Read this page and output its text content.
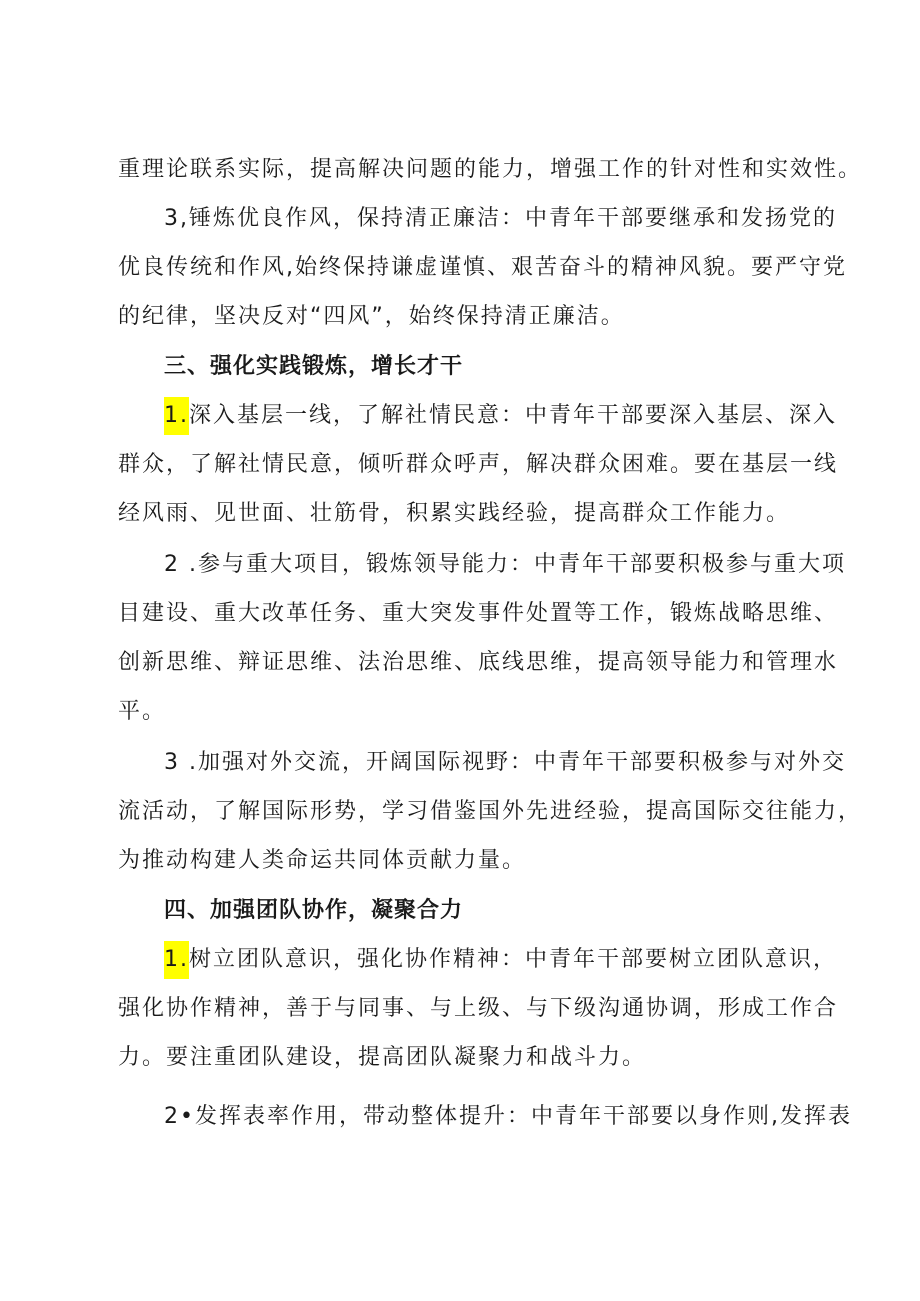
重理论联系实际，提高解决问题的能力，增强工作的针对性和实效性。
3,锤炼优良作风，保持清正廉洁：中青年干部要继承和发扬党的
优良传统和作风,始终保持谦虚谨慎、艰苦奋斗的精神风貌。要严守党
的纪律，坚决反对“四风”，始终保持清正廉洁。
三、强化实践锻炼，增长才干
1.深入基层一线，了解社情民意：中青年干部要深入基层、深入
群众，了解社情民意，倾听群众呼声，解决群众困难。要在基层一线
经风雨、见世面、壮筋骨，积累实践经验，提高群众工作能力。
2 .参与重大项目，锻炼领导能力：中青年干部要积极参与重大项
目建设、重大改革任务、重大突发事件处置等工作，锻炼战略思维、
创新思维、辩证思维、法治思维、底线思维，提高领导能力和管理水
平。
3 .加强对外交流，开阔国际视野：中青年干部要积极参与对外交
流活动，了解国际形势，学习借鉴国外先进经验，提高国际交往能力，
为推动构建人类命运共同体贡献力量。
四、加强团队协作，凝聚合力
1.树立团队意识，强化协作精神：中青年干部要树立团队意识，
强化协作精神，善于与同事、与上级、与下级沟通协调，形成工作合
力。要注重团队建设，提高团队凝聚力和战斗力。
2•发挥表率作用，带动整体提升：中青年干部要以身作则,发挥表
